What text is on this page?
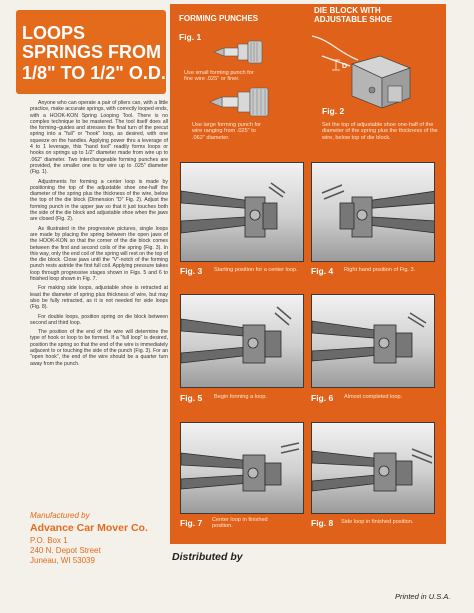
LOOPS
SPRINGS FROM
1/8" TO 1/2" O.D.

Anyone who can operate a pair of pliers can, with a little practice, make accurate springs, with correctly looped ends, with a HOOK-KON Spring Looping Tool. There is no complex technique to be mastered. The tool itself does all the forming–guides and stresses the final turn of the precut spring into a "full" or "hook" loop, as desired, with one squeeze on the handles. Applying power thru a leverage of 4 to 1 leverage, this "hand tool" readily forms loops or hooks on springs up to 1/2" diameter made from wire up to .062" diameter. Two interchangeable forming punches are provided, the smaller one is for wire up to .025" diameter (Fig. 1).

Adjustments for forming a center loop is made by positioning the top of the adjustable shoe one-half the diameter of the spring plus the thickness of the wire, below the top of the die block (Dimension "D" Fig. 2). Adjust the forming punch in the upper jaw so that it just touches both the side of the die block and adjustable shoe when the jaws are closed (Fig. 2).

As illustrated in the progressive pictures, single loops are made by placing the spring between the open jaws of the HOOK-KON so that the corner of the die block comes between the first and second coils of the spring (Fig. 3). In this way, only the end coil of the spring will rest on the top of the die block. Close jaws until the "V"-notch of the forming punch rests astride the first full coil. Applying pressure takes loop through progressive stages shown in Figs. 5 and 6 to finished loop shown in Fig. 7.

For making side loops, adjustable shoe is retracted at least the diameter of spring plus thickness of wire, but may also be fully retracted, as it is not needed for side loops (Fig. 8).

For double loops, position spring on die block between second and third loop.

The position of the end of the wire will determine the type of hook or loop to be formed. If a "full loop" is desired, position the spring so that the end of the wire is immediately adjacent to or touching the side of the punch (Fig. 3). For an "open hook", the end of the wire should be a quarter turn away from the punch.

Manufactured by
Advance Car Mover Co.
P.O. Box 1
240 N. Depot Street
Juneau, WI 53039
FORMING PUNCHES
Fig. 1
Use small forming punch for fine wire .025" or finer.
Use large forming punch for wire ranging from .025" to .062" diameter.
DIE BLOCK WITH
ADJUSTABLE SHOE
D
Fig. 2
Set the top of adjustable shoe one-half of the diameter of the spring plus the thickness of the wire, below top of die block.
Fig. 3 Starting position for a center loop.	Fig. 4 Right hand position of Fig. 3.
Fig. 5 Begin forming a loop.	Fig. 6 Almost completed loop.
Fig. 7 Center loop in finished position.	Fig. 8 Side loop in finished position.
Distributed by
Printed in U.S.A.
